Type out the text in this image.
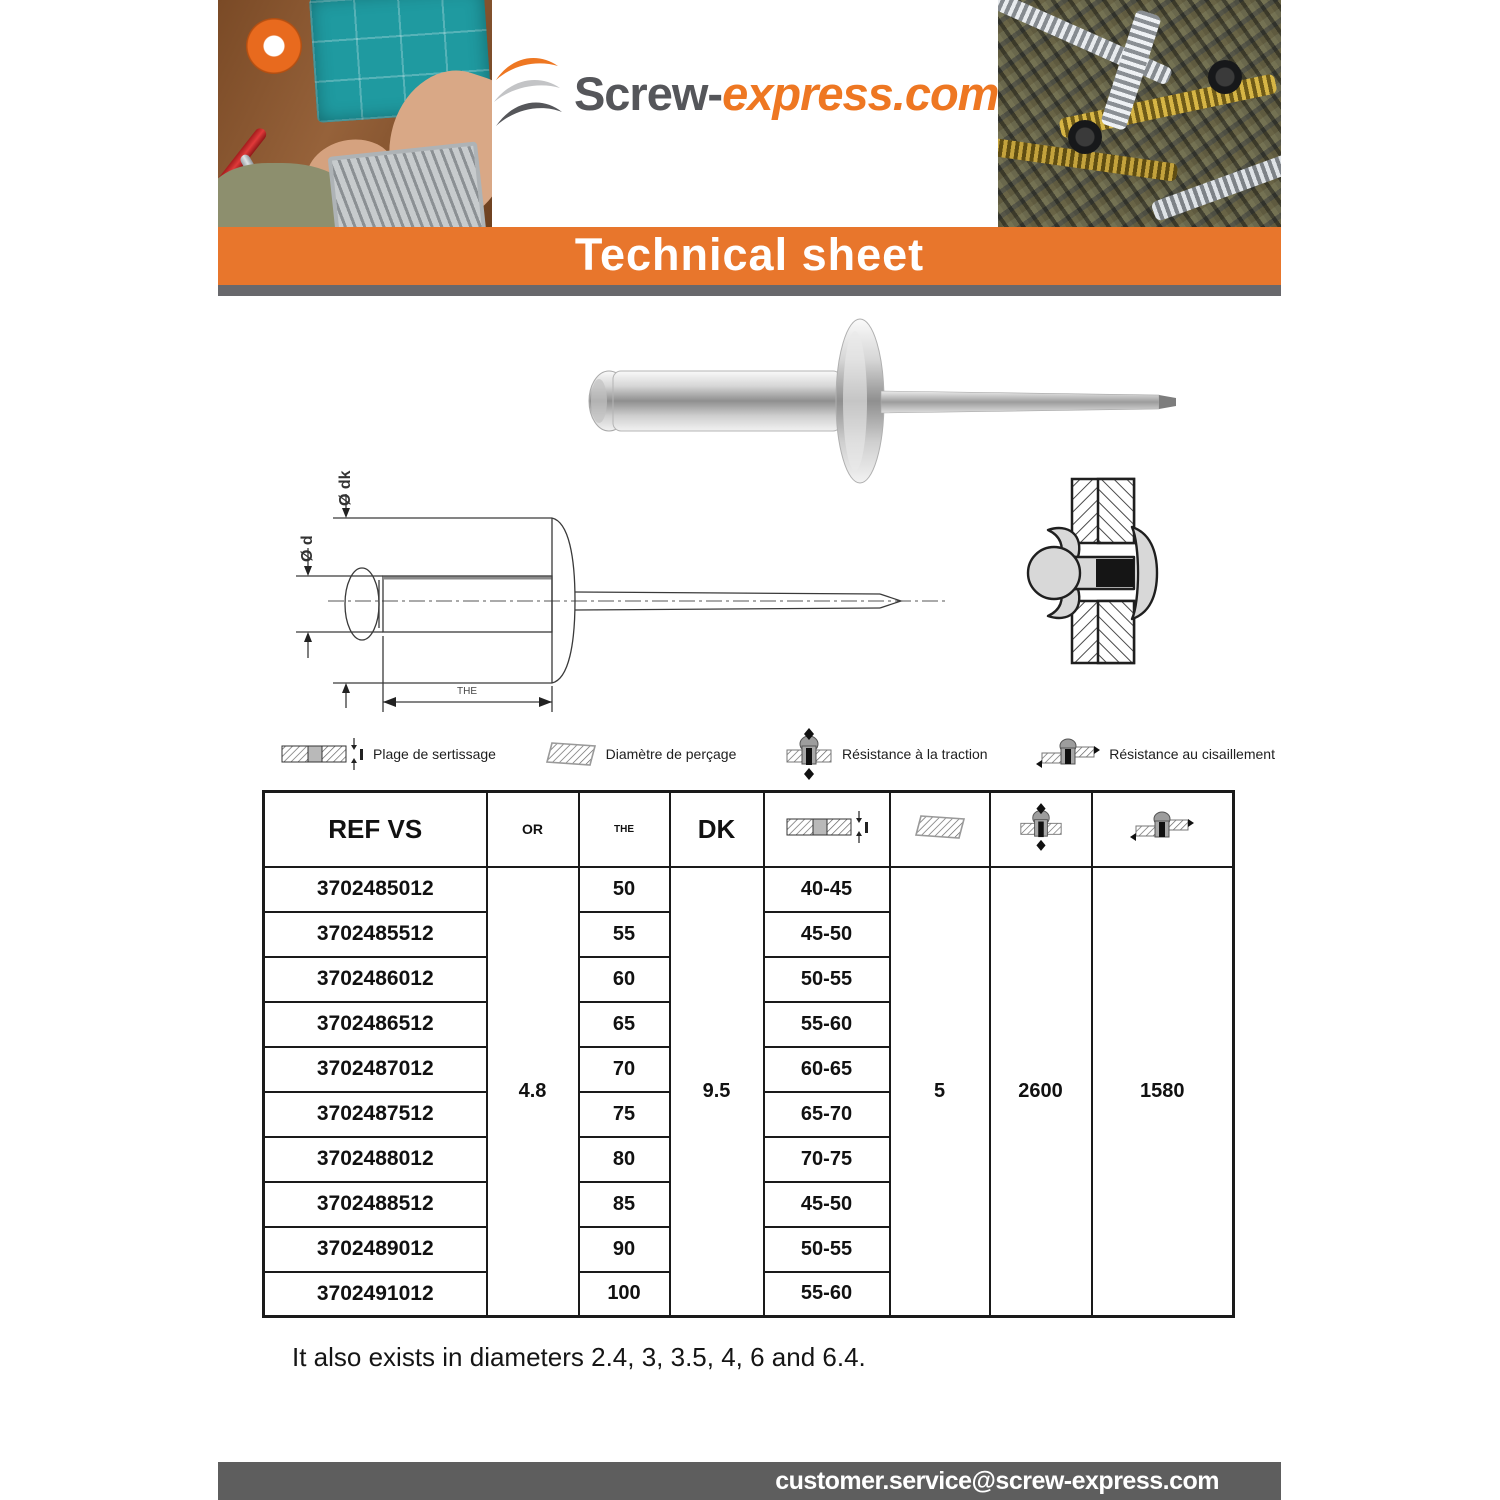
Screw-express.com
Technical sheet
Ø d
Ø dk
THE
Plage de sertissage	Diamètre de perçage	Résistance à la traction	Résistance au cisaillement
REF VS	OR	THE	DK				
3702485012	4.8	50	9.5	40-45	5	2600	1580
3702485512		55		45-50			
3702486012		60		50-55			
3702486512		65		55-60			
3702487012		70		60-65			
3702487512		75		65-70			
3702488012		80		70-75			
3702488512		85		45-50			
3702489012		90		50-55			
3702491012		100		55-60			

It also exists in diameters 2.4, 3, 3.5, 4, 6 and 6.4.

customer.service@screw-express.com
